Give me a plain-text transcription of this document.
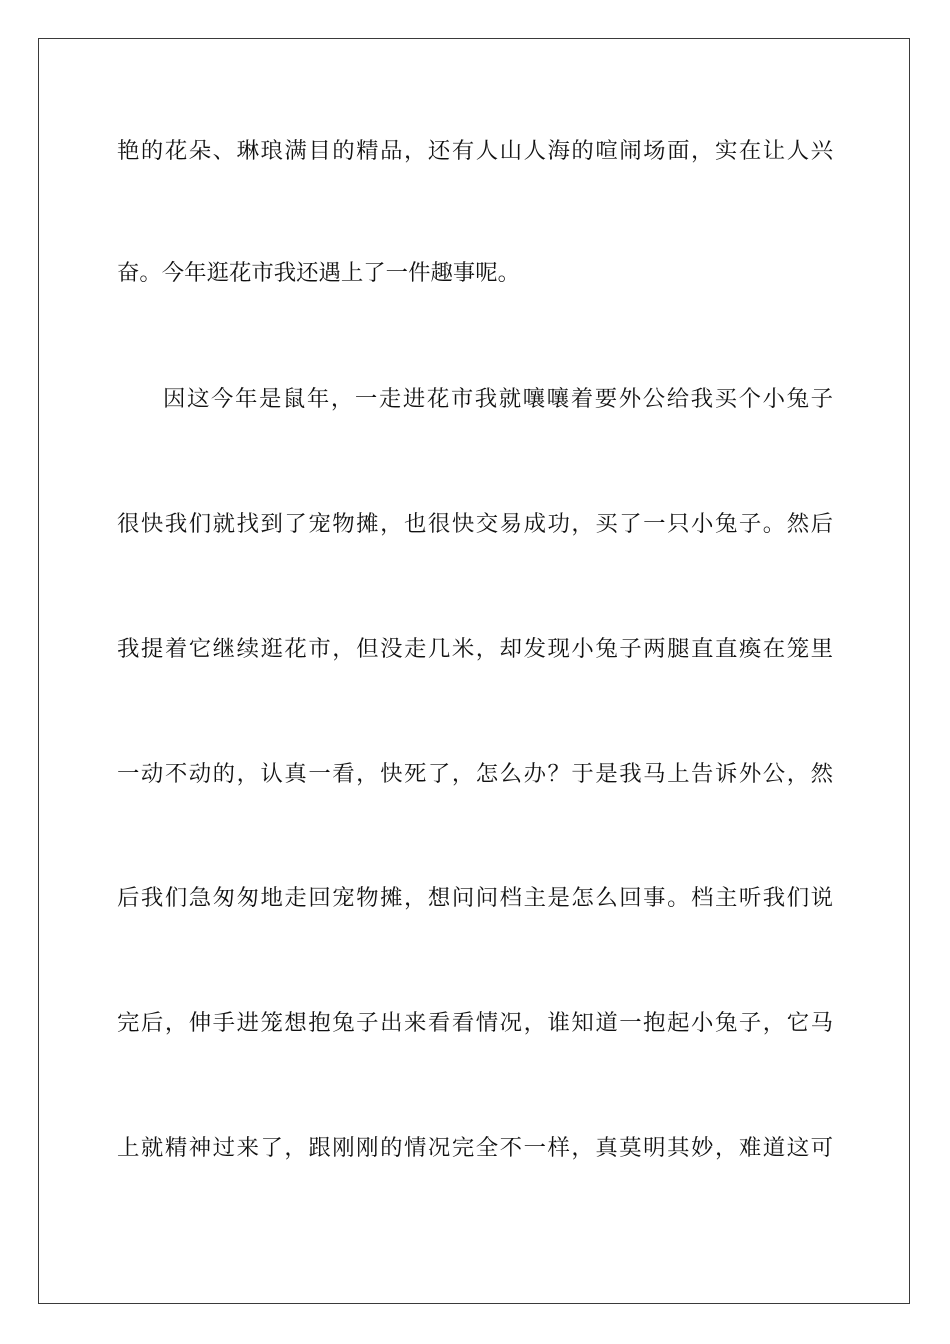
艳的花朵、琳琅满目的精品，还有人山人海的喧闹场面，实在让人兴
奋。今年逛花市我还遇上了一件趣事呢。
因这今年是鼠年，一走进花市我就嚷嚷着要外公给我买个小兔子
很快我们就找到了宠物摊，也很快交易成功，买了一只小兔子。然后
我提着它继续逛花市，但没走几米，却发现小兔子两腿直直瘓在笼里
一动不动的，认真一看，快死了，怎么办？于是我马上告诉外公，然
后我们急匆匆地走回宠物摊，想问问档主是怎么回事。档主听我们说
完后，伸手进笼想抱兔子出来看看情况，谁知道一抱起小兔子，它马
上就精神过来了，跟刚刚的情况完全不一样，真莫明其妙，难道这可
